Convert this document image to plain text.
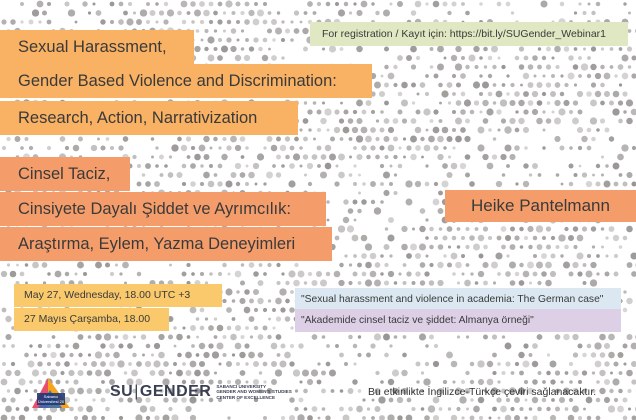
Sexual Harassment,
Gender Based Violence and Discrimination:
Research, Action, Narrativization
Cinsel Taciz,
Cinsiyete Dayalı Şiddet ve Ayrımcılık:
Araştırma, Eylem, Yazma Deneyimleri
For registration / Kayıt için: https://bit.ly/SUGender_Webinar1
Heike Pantelmann
May 27, Wednesday, 18.00 UTC +3
27 Mayıs Çarşamba, 18.00
"Sexual harassment and violence in academia: The German case"
"Akademide cinsel taciz ve şiddet: Almanya örneği"
Sabancı
Üniversitesi 20
SU|GENDER SABANCI UNIVERSITY
GENDER AND WOMEN'S STUDIES
CENTER OF EXCELLENCE	Bu etkinlikte İngilizce-Türkçe çeviri sağlanacaktır.
